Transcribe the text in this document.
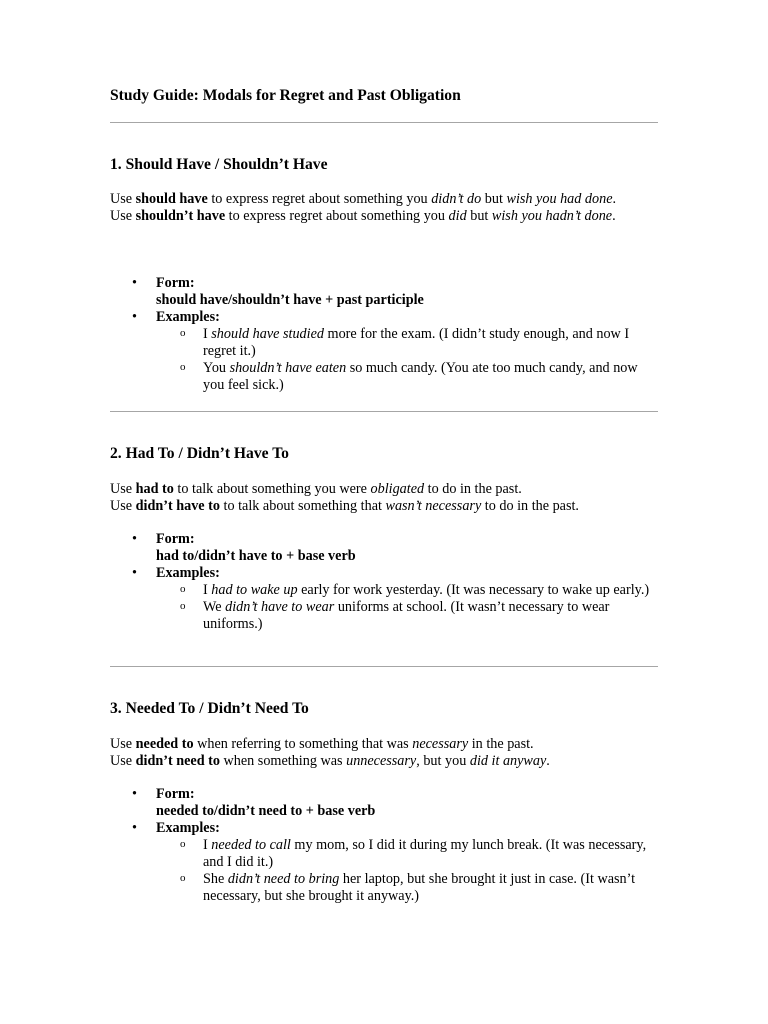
Study Guide: Modals for Regret and Past Obligation
1. Should Have / Shouldn’t Have

Use should have to express regret about something you didn’t do but wish you had done.

Use shouldn’t have to express regret about something you did but wish you hadn’t done.

• Form:
should have/shouldn’t have + past participle
• Examples:
o I should have studied more for the exam. (I didn’t study enough, and now I regret it.)
o You shouldn’t have eaten so much candy. (You ate too much candy, and now you feel sick.)
2. Had To / Didn’t Have To

Use had to to talk about something you were obligated to do in the past.

Use didn’t have to to talk about something that wasn’t necessary to do in the past.

• Form:
had to/didn’t have to + base verb
• Examples:
o I had to wake up early for work yesterday. (It was necessary to wake up early.)
o We didn’t have to wear uniforms at school. (It wasn’t necessary to wear uniforms.)
3. Needed To / Didn’t Need To

Use needed to when referring to something that was necessary in the past.

Use didn’t need to when something was unnecessary, but you did it anyway.

• Form:
needed to/didn’t need to + base verb
• Examples:
o I needed to call my mom, so I did it during my lunch break. (It was necessary, and I did it.)
o She didn’t need to bring her laptop, but she brought it just in case. (It wasn’t necessary, but she brought it anyway.)
